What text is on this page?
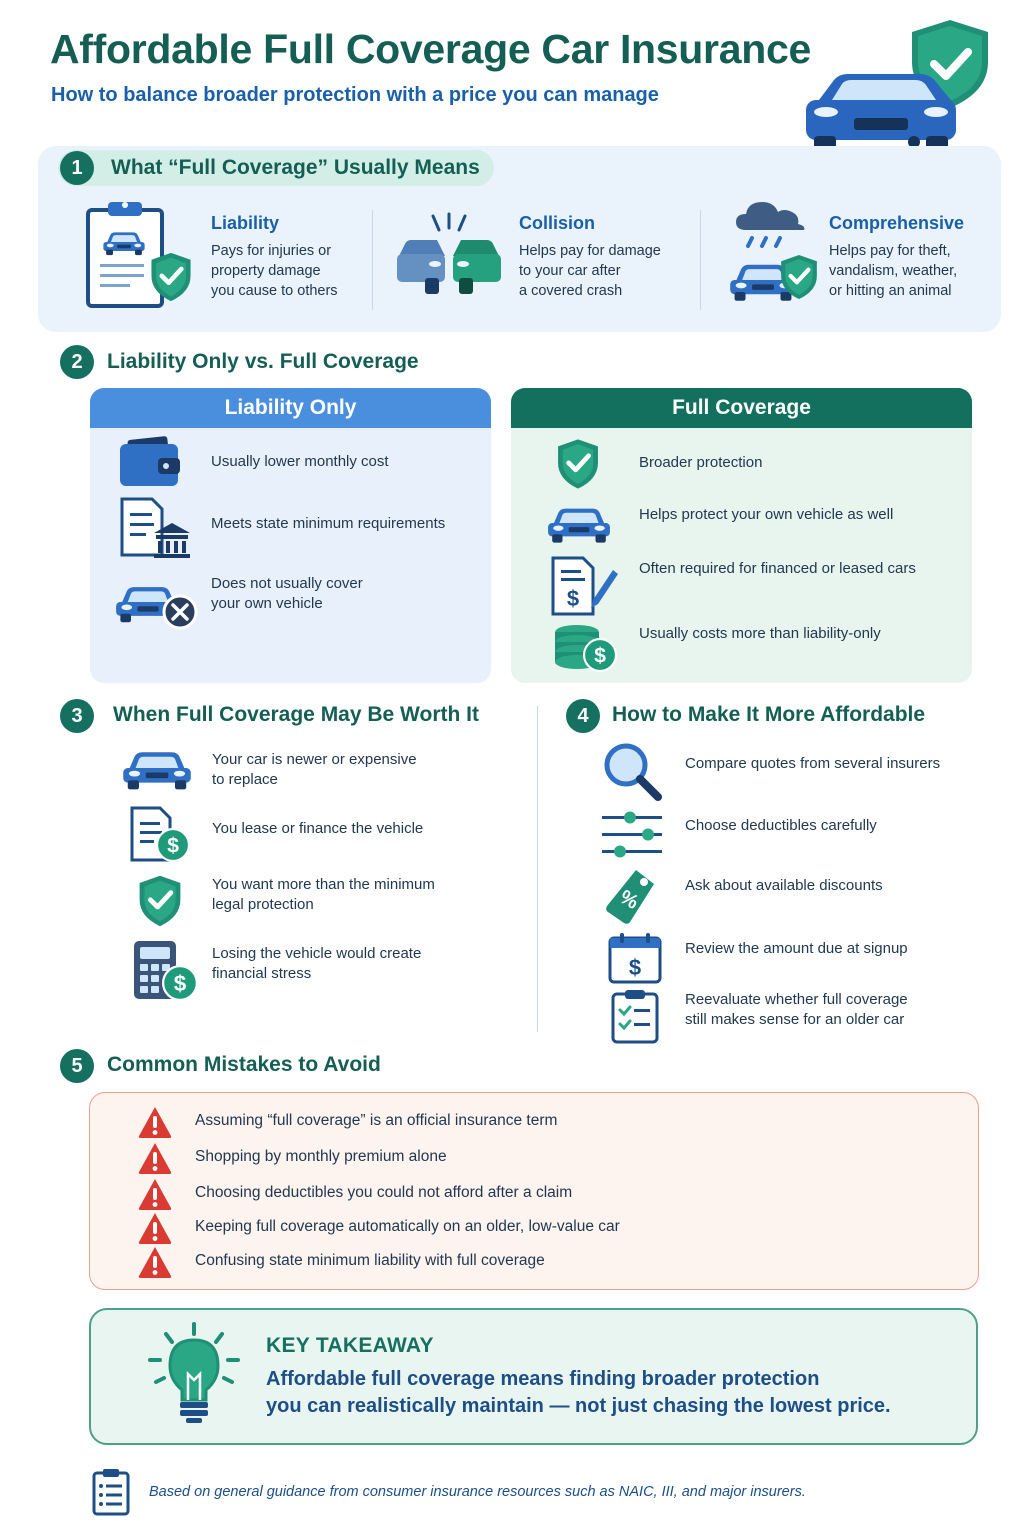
Affordable Full Coverage Car Insurance
How to balance broader protection with a price you can manage
1	What “Full Coverage” Usually Means
Liability
Pays for injuries or
property damage
you cause to others
Collision
Helps pay for damage
to your car after
a covered crash
Comprehensive
Helps pay for theft,
vandalism, weather,
or hitting an animal
2	Liability Only vs. Full Coverage
Liability Only
Usually lower monthly cost
Meets state minimum requirements
Does not usually cover
your own vehicle
Full Coverage
Broader protection
Helps protect your own vehicle as well
$
Often required for financed or leased cars
Usually costs more than liability-only
3	When Full Coverage May Be Worth It
Your car is newer or expensive
to replace
You lease or finance the vehicle
You want more than the minimum
legal protection
Losing the vehicle would create
financial stress
4	How to Make It More Affordable
Compare quotes from several insurers
Choose deductibles carefully
%
Ask about available discounts
$
Review the amount due at signup
Reevaluate whether full coverage
still makes sense for an older car
5	Common Mistakes to Avoid
Assuming “full coverage” is an official insurance term
Shopping by monthly premium alone
Choosing deductibles you could not afford after a claim
Keeping full coverage automatically on an older, low-value car
Confusing state minimum liability with full coverage
KEY TAKEAWAY
Affordable full coverage means finding broader protection
you can realistically maintain — not just chasing the lowest price.
Based on general guidance from consumer insurance resources such as NAIC, III, and major insurers.
